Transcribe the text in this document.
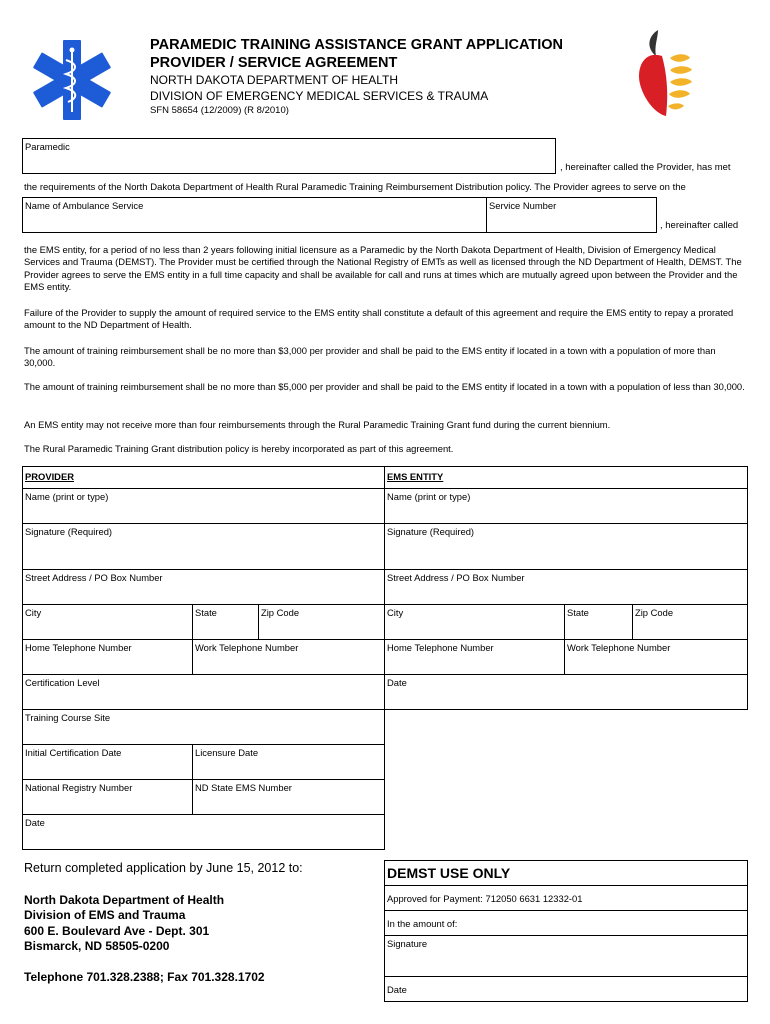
PARAMEDIC TRAINING ASSISTANCE GRANT APPLICATION
PROVIDER / SERVICE AGREEMENT
NORTH DAKOTA DEPARTMENT OF HEALTH
DIVISION OF EMERGENCY MEDICAL SERVICES & TRAUMA
SFN 58654 (12/2009) (R 8/2010)
Paramedic
, hereinafter called the Provider, has met
the requirements of the North Dakota Department of Health Rural Paramedic Training Reimbursement Distribution policy. The Provider agrees to serve on the
Name of Ambulance Service	Service Number
, hereinafter called
the EMS entity, for a period of no less than 2 years following initial licensure as a Paramedic by the North Dakota Department of Health, Division of Emergency Medical Services and Trauma (DEMST). The Provider must be certified through the National Registry of EMTs as well as licensed through the ND Department of Health, DEMST. The Provider agrees to serve the EMS entity in a full time capacity and shall be available for call and runs at times which are mutually agreed upon between the Provider and the EMS entity.
Failure of the Provider to supply the amount of required service to the EMS entity shall constitute a default of this agreement and require the EMS entity to repay a prorated amount to the ND Department of Health.
The amount of training reimbursement shall be no more than $3,000 per provider and shall be paid to the EMS entity if located in a town with a population of more than 30,000.
The amount of training reimbursement shall be no more than $5,000 per provider and shall be paid to the EMS entity if located in a town with a population of less than 30,000.
An EMS entity may not receive more than four reimbursements through the Rural Paramedic Training Grant fund during the current biennium.
The Rural Paramedic Training Grant distribution policy is hereby incorporated as part of this agreement.
PROVIDER
Name (print or type)
Signature (Required)
Street Address / PO Box Number
City	State	Zip Code
Home Telephone Number	Work Telephone Number
Certification Level
Training Course Site
Initial Certification Date	Licensure Date
National Registry Number	ND State EMS Number
Date
EMS ENTITY
Name (print or type)
Signature (Required)
Street Address / PO Box Number
City	State	Zip Code
Home Telephone Number	Work Telephone Number
Date
Return completed application by June 15, 2012 to:
North Dakota Department of Health
Division of EMS and Trauma
600 E. Boulevard Ave - Dept. 301
Bismarck, ND 58505-0200
Telephone 701.328.2388; Fax 701.328.1702
DEMST USE ONLY
Approved for Payment: 712050 6631 12332-01
In the amount of:
Signature
Date
